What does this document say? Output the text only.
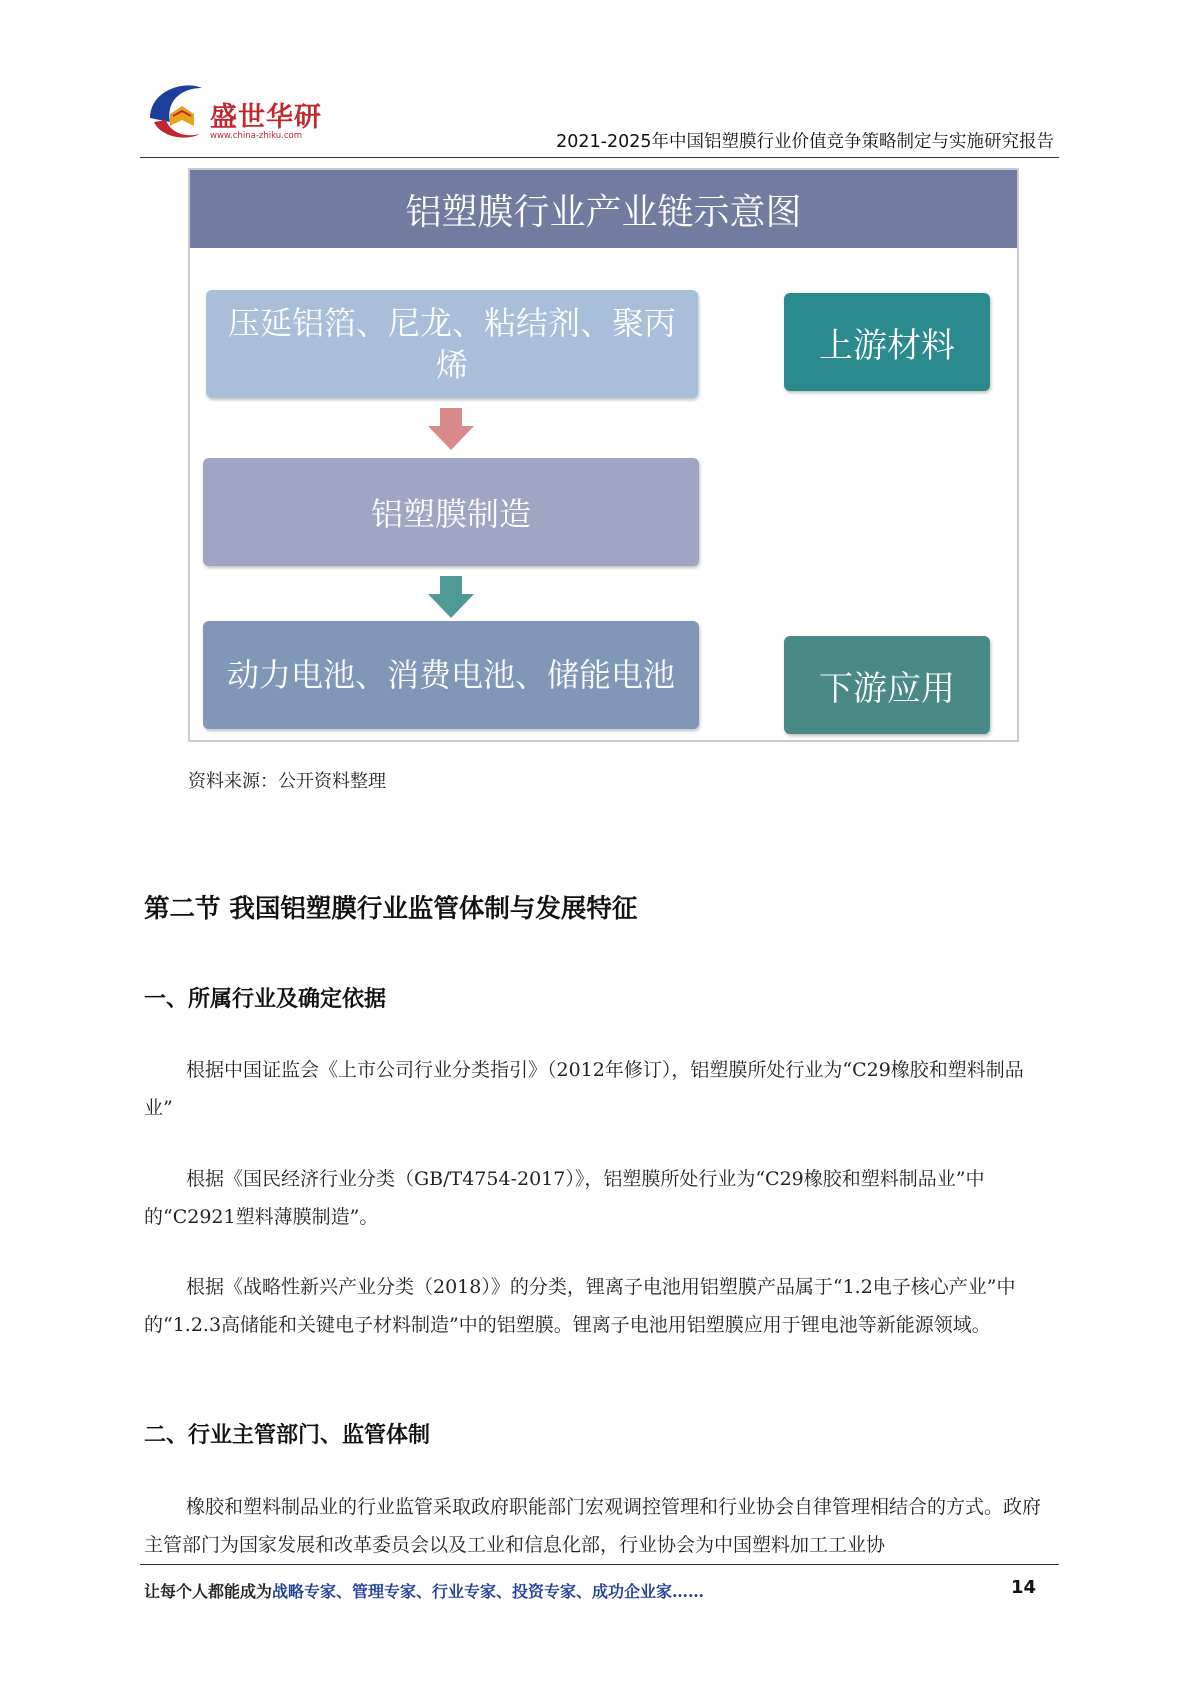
盛世华研
www.china-zhiku.com	2021-2025年中国铝塑膜行业价值竞争策略制定与实施研究报告
铝塑膜行业产业链示意图
压延铝箔、尼龙、粘结剂、聚丙烯
铝塑膜制造
动力电池、消费电池、储能电池
上游材料
下游应用
资料来源：公开资料整理
第二节 我国铝塑膜行业监管体制与发展特征
一、所属行业及确定依据

根据中国证监会《上市公司行业分类指引》（2012年修订），铝塑膜所处行业为“C29橡胶和塑料制品业”

根据《国民经济行业分类（GB/T4754-2017）》，铝塑膜所处行业为“C29橡胶和塑料制品业”中的“C2921塑料薄膜制造”。

根据《战略性新兴产业分类（2018）》的分类，锂离子电池用铝塑膜产品属于“1.2电子核心产业”中的“1.2.3高储能和关键电子材料制造”中的铝塑膜。锂离子电池用铝塑膜应用于锂电池等新能源领域。

二、行业主管部门、监管体制

橡胶和塑料制品业的行业监管采取政府职能部门宏观调控管理和行业协会自律管理相结合的方式。政府主管部门为国家发展和改革委员会以及工业和信息化部，行业协会为中国塑料加工工业协

让每个人都能成为战略专家、管理专家、行业专家、投资专家、成功企业家……	14
